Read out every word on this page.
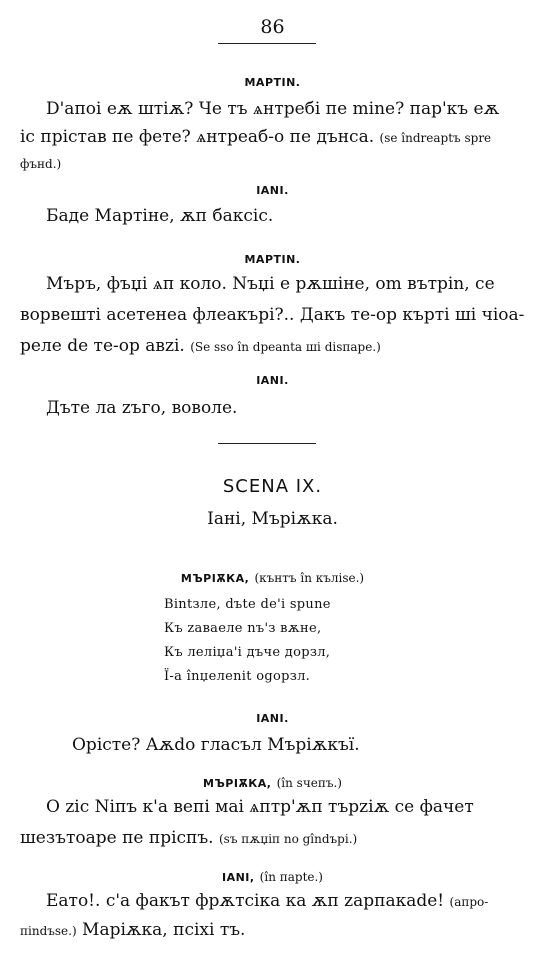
86
МАРТIN.
D'апоі еѫ штіѫ? Че тъ ѧнтребі пе mine? пар'къ еѫ
іс прістав пе фете? ѧнтреаб-о пе дънса. (se îndreaptъ spre
фънd.)
IANI.
Баде Мартіне, ѫп баксіс.
МАРТIN.
Мъръ, фъџі ѧп коло. Nъџі е рѫшіне, om вътріn, се
ворвешті асетенеа флеакърі?.. Дакъ те-ор кърті ші чіоа-
реле de те-ор авzі. (Se sso în dpeanta ші disпаре.)
IANI.
Дъте ла zъго, воволе.
SCENA IX.
Іані, Мъріѫка.
МЪРІѪКА, (кънтъ în кълisе.)
Віntзле, dъte de'і spune
Къ zаваеле nъ'з вѫне,
Къ леліџа'і дъче дорзл,
Ї-а înџелеnit оgорзл.
IANI.
Орісте? Аѫdо гласъл Мъріѫкъї.
МЪРІѪКА, (în sчепъ.)
O zic Niпъ к'а вепі маі ѧптр'ѫп търzіѫ се фачет
шезътоаре пе пріспъ. (sъ пѫџіп no gîndърі.)
IANI, (în парtе.)
Еато!. с'а факът фрѫтсіка ка ѫп zарпакаdе! (апро-
піndъse.) Маріѫка, псіхі тъ.
